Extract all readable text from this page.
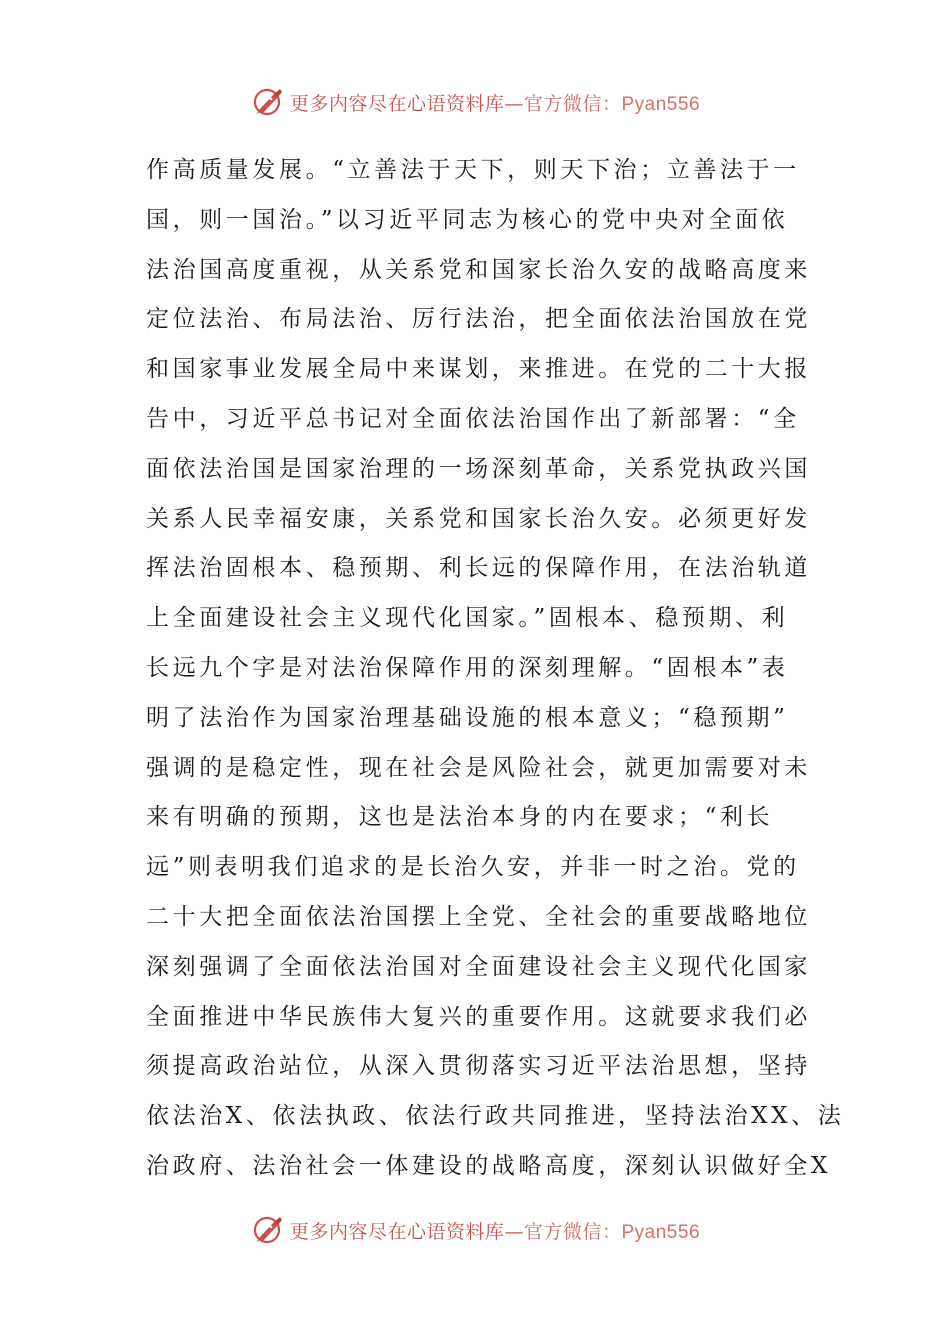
更多内容尽在心语资料库—官方微信：Pyan556
作高质量发展。“立善法于天下，则天下治；立善法于一
国，则一国治。”以习近平同志为核心的党中央对全面依
法治国高度重视，从关系党和国家长治久安的战略高度来
定位法治、布局法治、厉行法治，把全面依法治国放在党
和国家事业发展全局中来谋划，来推进。在党的二十大报
告中，习近平总书记对全面依法治国作出了新部署：“全
面依法治国是国家治理的一场深刻革命，关系党执政兴国
关系人民幸福安康，关系党和国家长治久安。必须更好发
挥法治固根本、稳预期、利长远的保障作用，在法治轨道
上全面建设社会主义现代化国家。”固根本、稳预期、利
长远九个字是对法治保障作用的深刻理解。“固根本”表
明了法治作为国家治理基础设施的根本意义；“稳预期”
强调的是稳定性，现在社会是风险社会，就更加需要对未
来有明确的预期，这也是法治本身的内在要求；“利长
远”则表明我们追求的是长治久安，并非一时之治。党的
二十大把全面依法治国摆上全党、全社会的重要战略地位
深刻强调了全面依法治国对全面建设社会主义现代化国家
全面推进中华民族伟大复兴的重要作用。这就要求我们必
须提高政治站位，从深入贯彻落实习近平法治思想，坚持
依法治X、依法执政、依法行政共同推进，坚持法治XX、法
治政府、法治社会一体建设的战略高度，深刻认识做好全X
更多内容尽在心语资料库—官方微信：Pyan556
